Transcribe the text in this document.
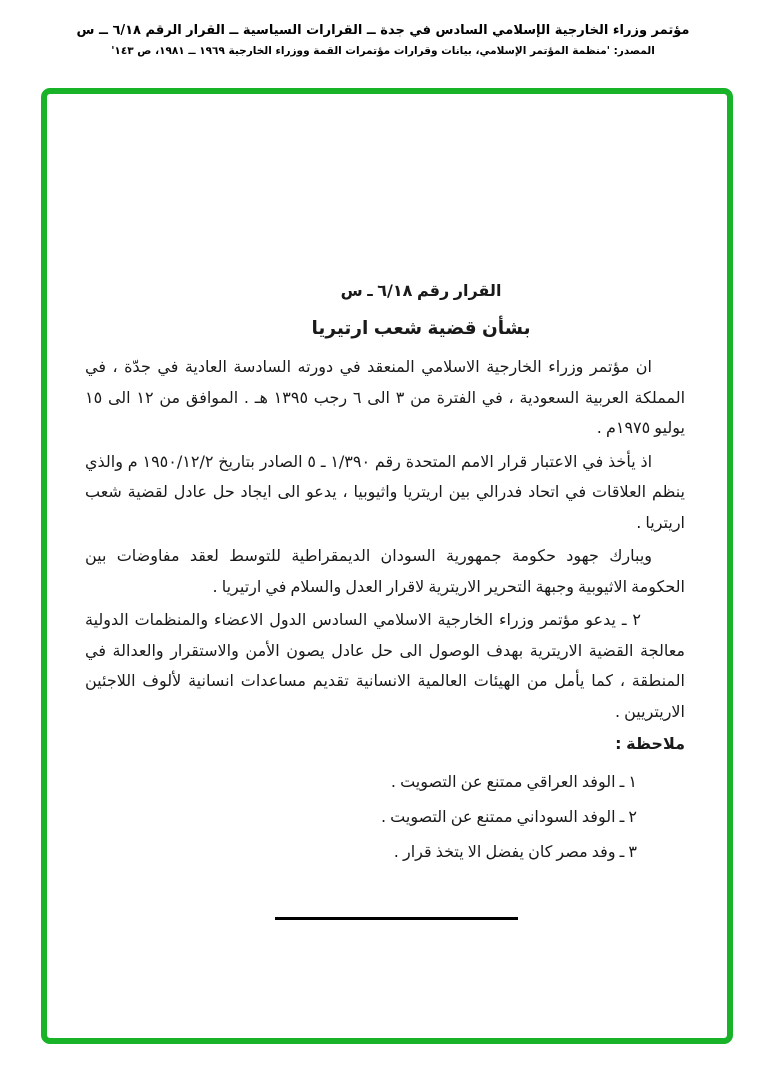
مؤتمر وزراء الخارجية الإسلامي السادس في جدة ــ القرارات السياسية ــ القرار الرقم ٦/١٨ ــ س
المصدر: 'منظمة المؤتمر الإسلامي، بيانات وقرارات مؤتمرات القمة ووزراء الخارجية ١٩٦٩ ــ ١٩٨١، ص ١٤٣'
القرار رقم ٦/١٨ ـ س
بشأن قضية شعب ارتيريا

ان مؤتمر وزراء الخارجية الاسلامي المنعقد في دورته السادسة العادية في جدّة ، في المملكة العربية السعودية ، في الفترة من ٣ الى ٦ رجب ١٣٩٥ هـ . الموافق من ١٢ الى ١٥ يوليو ١٩٧٥م .

اذ يأخذ في الاعتبار قرار الامم المتحدة رقم ١/٣٩٠ ـ ٥ الصادر بتاريخ ١٩٥٠/١٢/٢ م والذي ينظم العلاقات في اتحاد فدرالي بين اريتريا واثيوبيا ، يدعو الى ايجاد حل عادل لقضية شعب اريتريا .

ويبارك جهود حكومة جمهورية السودان الديمقراطية للتوسط لعقد مفاوضات بين الحكومة الاثيوبية وجبهة التحرير الاريترية لاقرار العدل والسلام في ارتيريا .

٢ ـ يدعو مؤتمر وزراء الخارجية الاسلامي السادس الدول الاعضاء والمنظمات الدولية معالجة القضية الاريترية بهدف الوصول الى حل عادل يصون الأمن والاستقرار والعدالة في المنطقة ، كما يأمل من الهيئات العالمية الانسانية تقديم مساعدات انسانية لألوف اللاجئين الاريتريين .

ملاحظة :
١ ـ الوفد العراقي ممتنع عن التصويت .
٢ ـ الوفد السوداني ممتنع عن التصويت .
٣ ـ وفد مصر كان يفضل الا يتخذ قرار .
